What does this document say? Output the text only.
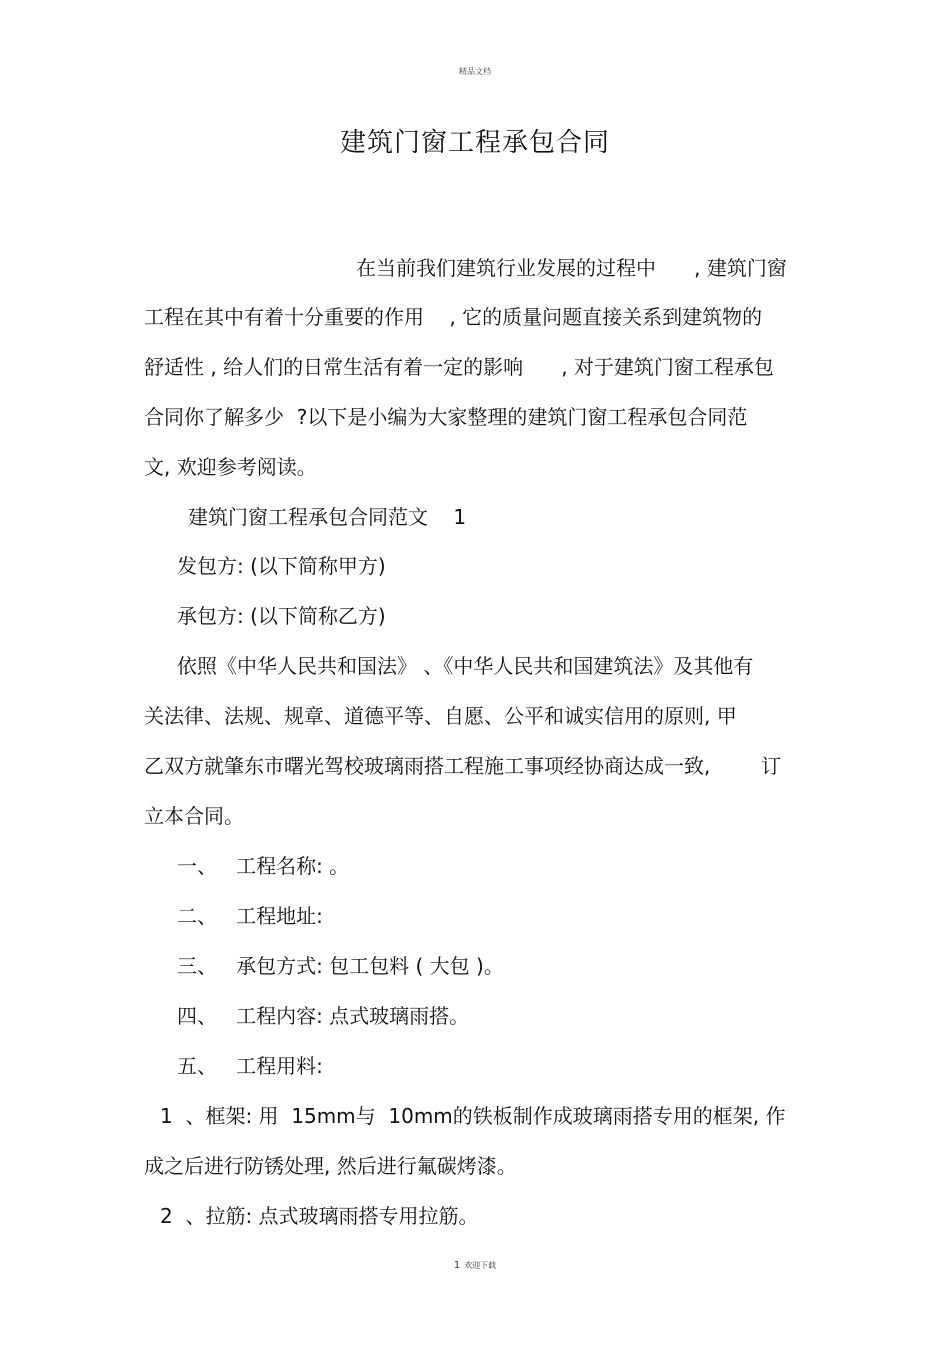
精品文档
建筑门窗工程承包合同
在当前我们建筑行业发展的过程中      , 建筑门窗
工程在其中有着十分重要的作用    , 它的质量问题直接关系到建筑物的
舒适性 , 给人们的日常生活有着一定的影响      , 对于建筑门窗工程承包
合同你了解多少  ?以下是小编为大家整理的建筑门窗工程承包合同范
文, 欢迎参考阅读。
建筑门窗工程承包合同范文    1
发包方: (以下简称甲方)
承包方: (以下简称乙方)
依照《中华人民共和国法》 、《中华人民共和国建筑法》及其他有
关法律、法规、规章、道德平等、自愿、公平和诚实信用的原则, 甲
乙双方就肇东市曙光驾校玻璃雨搭工程施工事项经协商达成一致,        订
立本合同。
一、   工程名称: 。
二、   工程地址:
三、   承包方式: 包工包料 ( 大包 )。
四、   工程内容: 点式玻璃雨搭。
五、   工程用料:
1  、框架: 用  15mm与  10mm的铁板制作成玻璃雨搭专用的框架, 作
成之后进行防锈处理, 然后进行氟碳烤漆。
2  、拉筋: 点式玻璃雨搭专用拉筋。
1 欢迎下载
